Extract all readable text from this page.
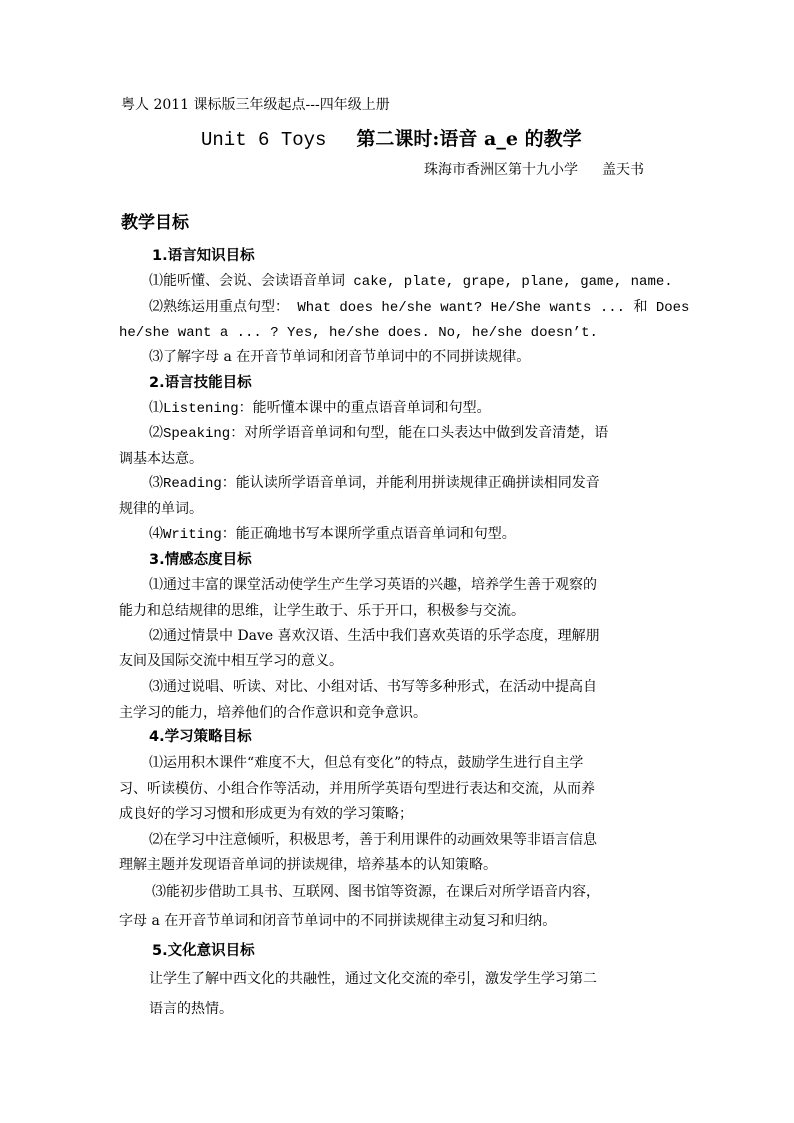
粤人 2011 课标版三年级起点---四年级上册
Unit 6 Toys 第二课时:语音 a_e 的教学
珠海市香洲区第十九小学 盖天书
教学目标
1.语言知识目标
⑴能听懂、会说、会读语音单词 cake, plate, grape, plane, game, name.
⑵熟练运用重点句型： What does he/she want? He/She wants ... 和 Does
he/she want a ... ? Yes, he/she does. No, he/she doesn’t.
⑶了解字母 a 在开音节单词和闭音节单词中的不同拼读规律。
2.语言技能目标
⑴Listening：能听懂本课中的重点语音单词和句型。
⑵Speaking：对所学语音单词和句型，能在口头表达中做到发音清楚，语
调基本达意。
⑶Reading：能认读所学语音单词，并能利用拼读规律正确拼读相同发音
规律的单词。
⑷Writing：能正确地书写本课所学重点语音单词和句型。
3.情感态度目标
⑴通过丰富的课堂活动使学生产生学习英语的兴趣，培养学生善于观察的
能力和总结规律的思维，让学生敢于、乐于开口，积极参与交流。
⑵通过情景中 Dave 喜欢汉语、生活中我们喜欢英语的乐学态度，理解朋
友间及国际交流中相互学习的意义。
⑶通过说唱、听读、对比、小组对话、书写等多种形式，在活动中提高自
主学习的能力，培养他们的合作意识和竞争意识。
4.学习策略目标
⑴运用积木课件“难度不大，但总有变化”的特点，鼓励学生进行自主学
习、听读模仿、小组合作等活动，并用所学英语句型进行表达和交流，从而养
成良好的学习习惯和形成更为有效的学习策略；
⑵在学习中注意倾听，积极思考，善于利用课件的动画效果等非语言信息
理解主题并发现语音单词的拼读规律，培养基本的认知策略。
⑶能初步借助工具书、互联网、图书馆等资源，在课后对所学语音内容，
字母 a 在开音节单词和闭音节单词中的不同拼读规律主动复习和归纳。
5.文化意识目标
让学生了解中西文化的共融性，通过文化交流的牵引，激发学生学习第二
语言的热情。
